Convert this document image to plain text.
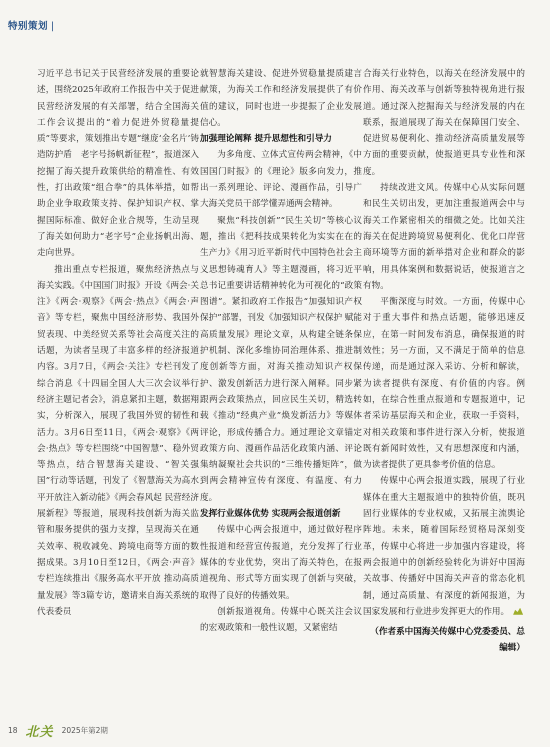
特别策划 |

习近平总书记关于民营经济发展的重要论述，围绕2025年政府工作报告中关于促进民营经济发展的有关部署，结合全国海关工作会议提出的“着力促进外贸稳量提质”等要求，策划推出专题“继庞‘金名片’铸造防护盾　老字号扬帆新征程”，报道深入挖掘了海关提升政策供给的精准性、有效性，打出政策“组合拳”的具体举措，如帮助企业争取政策支持、保护知识产权、掌握国际标准、做好企业合规等，生动呈现了海关如何助力“老字号”企业扬帆出海、走向世界。

推出重点专栏报道，聚焦经济热点与海关实践。《中国国门时报》开设《两会·关注》《两会·观察》《两会·热点》《两会·声音》等专栏，聚焦中国经济形势、我国外贸表现、中美经贸关系等社会高度关注的话题，为读者呈现了丰富多样的经济报道内容。3月7日，《两会·关注》专栏刊发了综合消息《十四届全国人大三次会议举行经济主题记者会》，消息紧扣主题，数据翔实，分析深入，展现了我国外贸的韧性和活力。3月6日至11日，《两会·观察》《两会·热点》等专栏围绕“中国智慧”、稳外贸等热点，结合智慧海关建设、“智关强国”行动等话题，刊发了《智慧海关为高水平开放注入新动能》《两会春风起 民营经济展新程》等报道，展现科技创新为海关监管和服务提供的强力支撑，呈现海关在通关效率、税收减免、跨境电商等方面的数据成果。3月10日至12日，《两会·声音》专栏连续推出《服务高水平开放 推动高质量发展》等3篇专访，邀请来自海关系统的代表委员

就智慧海关建设、促进外贸稳量提质建言献策，为海关工作和经济发展提供了有价值的建议，同时也进一步提振了企业发展信心。

加强理论阐释 提升思想性和引导力

为多角度、立体式宣传两会精神，《中国国门时报》的《理论》版多向发力，推出一系列理论、评论、漫画作品，引导广大海关党员干部学懂弄通两会精神。

聚焦“科技创新”“民生关切”等核心议题，推出《把科技成果转化为实实在在的生产力》《用习近平新时代中国特色社会主义思想铸魂育人》等主题漫画，将习近平总书记重要讲话精神转化为可视化的“政策图谱”。紧扣政府工作报告“加强知识产权保护”部署，刊发《加强知识产权保护 赋能高质量发展》理论文章，从构建全链条保护机制、深化多维协同治理体系、推进制度创新等方面，对海关推动知识产权保护、激发创新活力进行深入阐释。同步紧跟两会政策热点，回应民生关切，精选转载《推动“经典产业”焕发新活力》等媒体评论，形成传播合力。通过理论文章锚定政策方向、漫画作品活化政策内涵、评论集纳凝聚社会共识的“三维传播矩阵”，做到两会精神宣传有深度、有温度、有力度。

发挥行业媒体优势 实现两会报道创新

传媒中心两会报道中，通过做好程序性报道和经营宣传报道，充分发挥了行业媒体的专业优势，突出了海关特色，在报道视角、形式等方面实现了创新与突破，取得了良好的传播效果。

创新报道视角。传媒中心既关注会议的宏观政策和一般性议题，又紧密结

合海关行业特色，以海关在经济发展中的作用、海关改革与创新等独特视角进行报道。通过深入挖掘海关与经济发展的内在联系，报道展现了海关在保障国门安全、促进贸易便利化、推动经济高质量发展等方面的重要贡献，使报道更具专业性和深度。

持续改进文风。传媒中心从实际问题和民生关切出发，更加注重报道两会中与海关工作紧密相关的细微之处。比如关注海关在促进跨境贸易便利化、优化口岸营商环境等方面的新举措对企业和群众的影响，用具体案例和数据说话，使报道言之有物。

平衡深度与时效。一方面，传媒中心对于重大事件和热点话题，能够迅速反应，在第一时间发布消息，确保报道的时效性；另一方面，又不满足于简单的信息传递，而是通过深入采访、分析和解读，为读者提供有深度、有价值的内容。例如，在综合性重点报道和专题报道中，记者采访基层海关和企业，获取一手资料，对相关政策和事件进行深入分析，使报道既有新闻时效性，又有思想深度和内涵，为读者提供了更具参考价值的信息。

传媒中心两会报道实践，展现了行业媒体在重大主题报道中的独特价值，既巩固行业媒体的专业权威，又拓展主流舆论阵地。未来，随着国际经贸格局深刻变革，传媒中心将进一步加强内容建设，将两会报道中的创新经验转化为讲好中国海关故事、传播好中国海关声音的常态化机制，通过高质量、有深度的新闻报道，为国家发展和行业进步发挥更大的作用。

（作者系中国海关传媒中心党委委员、总编辑）
18 北关 2025年第2期
